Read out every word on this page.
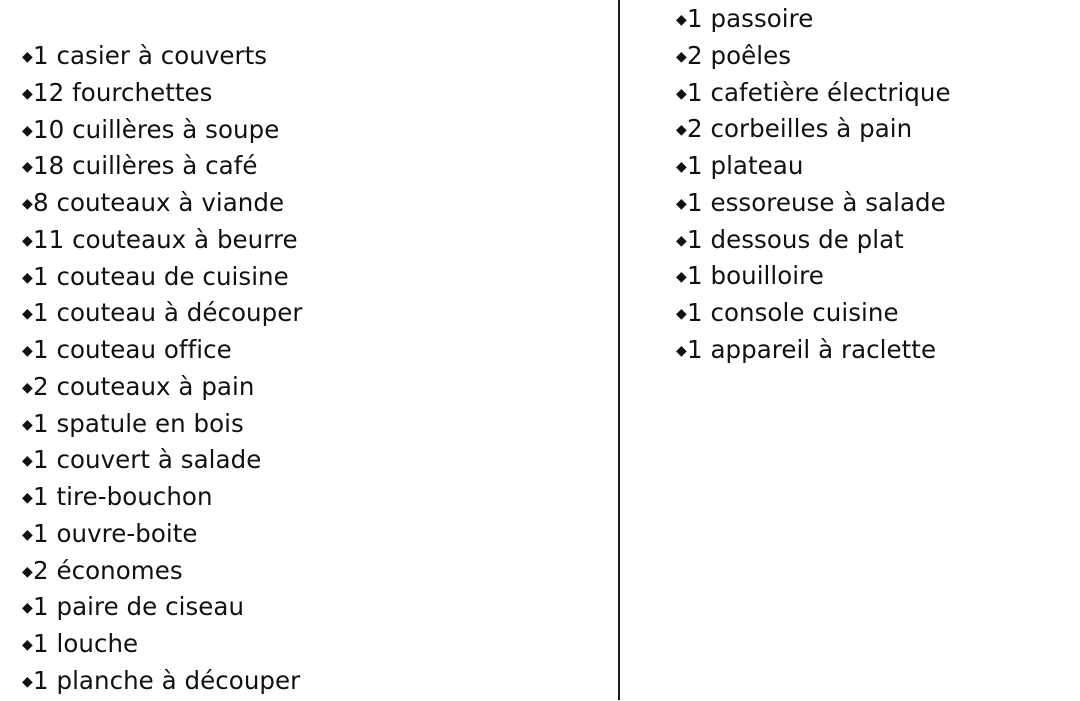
◆1 casier à couverts
◆12 fourchettes
◆10 cuillères à soupe
◆18 cuillères à café
◆8 couteaux à viande
◆11 couteaux à beurre
◆1 couteau de cuisine
◆1 couteau à découper
◆1 couteau office
◆2 couteaux à pain
◆1 spatule en bois
◆1 couvert à salade
◆1 tire-bouchon
◆1 ouvre-boite
◆2 économes
◆1 paire de ciseau
◆1 louche
◆1 planche à découper
◆1 passoire
◆2 poêles
◆1 cafetière électrique
◆2 corbeilles à pain
◆1 plateau
◆1 essoreuse à salade
◆1 dessous de plat
◆1 bouilloire
◆1 console cuisine
◆1 appareil à raclette
